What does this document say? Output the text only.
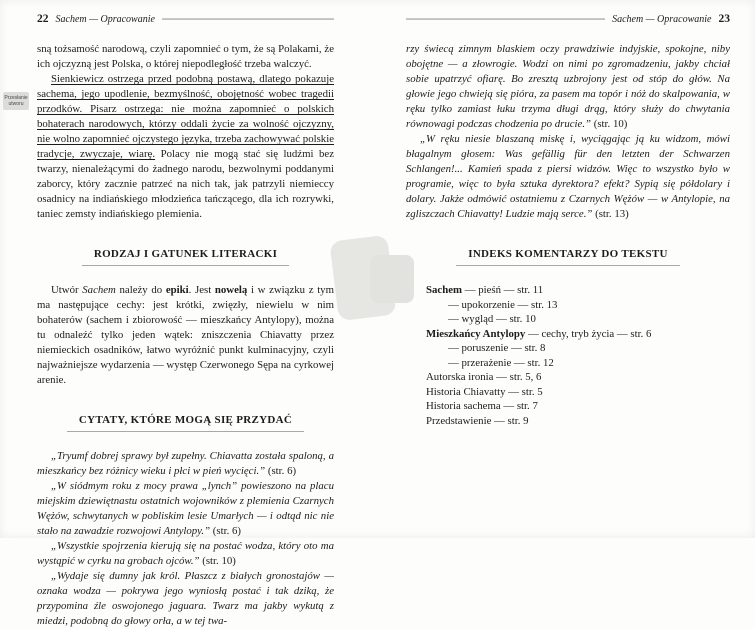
Przesłanie
utworu
22 Sachem — Opracowanie

sną tożsamość narodową, czyli zapomnieć o tym, że są Polakami, że ich ojczyzną jest Polska, o której niepodległość trzeba walczyć.

Sienkiewicz ostrzega przed podobną postawą, dlatego pokazuje sachema, jego upodlenie, bezmyślność, obojętność wobec tragedii przodków. Pisarz ostrzega: nie można zapomnieć o polskich bohaterach narodowych, którzy oddali życie za wolność ojczyzny, nie wolno zapomnieć ojczystego języka, trzeba zachowywać polskie tradycje, zwyczaje, wiarę. Polacy nie mogą stać się ludźmi bez twarzy, nienależącymi do żadnego narodu, bezwolnymi poddanymi zaborcy, który zacznie patrzeć na nich tak, jak patrzyli niemieccy osadnicy na indiańskiego młodzieńca tańczącego, dla ich rozrywki, taniec zemsty indiańskiego plemienia.

RODZAJ I GATUNEK LITERACKI

Utwór Sachem należy do epiki. Jest nowelą i w związku z tym ma następujące cechy: jest krótki, zwięzły, niewielu w nim bohaterów (sachem i zbiorowość — mieszkańcy Antylopy), można tu odnaleźć tylko jeden wątek: zniszczenia Chiavatty przez niemieckich osadników, łatwo wyróżnić punkt kulminacyjny, czyli najważniejsze wydarzenia — występ Czerwonego Sępa na cyrkowej arenie.

CYTATY, KTÓRE MOGĄ SIĘ PRZYDAĆ

„Tryumf dobrej sprawy był zupełny. Chiavatta została spaloną, a mieszkańcy bez różnicy wieku i płci w pień wycięci.” (str. 6)

„W siódmym roku z mocy prawa „lynch” powieszono na placu miejskim dziewiętnastu ostatnich wojowników z plemienia Czarnych Wężów, schwytanych w pobliskim lesie Umarłych — i odtąd nic nie stało na zawadzie rozwojowi Antylopy.” (str. 6)

„Wszystkie spojrzenia kierują się na postać wodza, który oto ma wystąpić w cyrku na grobach ojców.” (str. 10)

„Wydaje się dumny jak król. Płaszcz z białych gronostajów — oznaka wodza — pokrywa jego wyniosłą postać i tak dziką, że przypomina źle oswojonego jaguara. Twarz ma jakby wykutą z miedzi, podobną do głowy orła, a w tej twa-

Sachem — Opracowanie 23

rzy świecą zimnym blaskiem oczy prawdziwie indyjskie, spokojne, niby obojętne — a złowrogie. Wodzi on nimi po zgromadzeniu, jakby chciał sobie upatrzyć ofiarę. Bo zresztą uzbrojony jest od stóp do głów. Na głowie jego chwieją się pióra, za pasem ma topór i nóż do skalpowania, w ręku tylko zamiast łuku trzyma długi drąg, który służy do chwytania równowagi podczas chodzenia po drucie.” (str. 10)

„W ręku niesie blaszaną miskę i, wyciągając ją ku widzom, mówi błagalnym głosem: Was gefällig für den letzten der Schwarzen Schlangen!... Kamień spada z piersi widzów. Więc to wszystko było w programie, więc to była sztuka dyrektora? efekt? Sypią się półdolary i dolary. Jakże odmówić ostatniemu z Czarnych Wężów — w Antylopie, na zgliszczach Chiavatty! Ludzie mają serce.” (str. 13)

INDEKS KOMENTARZY DO TEKSTU
Sachem — pieśń — str. 11
— upokorzenie — str. 13
— wygląd — str. 10
Mieszkańcy Antylopy — cechy, tryb życia — str. 6
— poruszenie — str. 8
— przerażenie — str. 12
Autorska ironia — str. 5, 6
Historia Chiavatty — str. 5
Historia sachema — str. 7
Przedstawienie — str. 9
